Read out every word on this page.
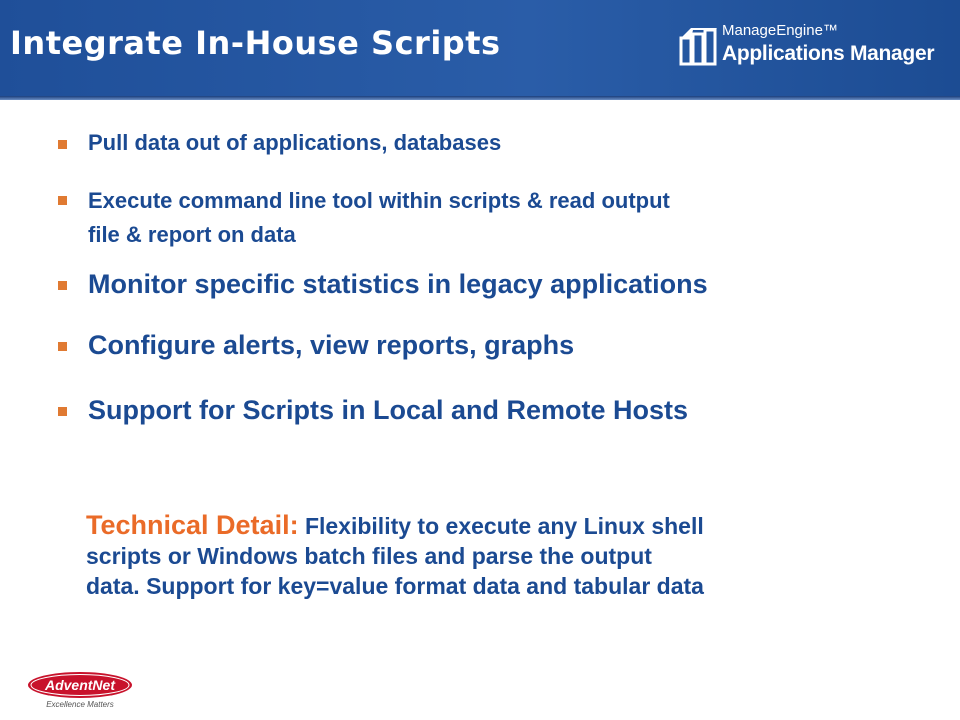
Integrate In-House Scripts	ManageEngine™
Applications Manager
Pull data out of applications, databases
Execute command line tool within scripts & read output
file & report on data
Monitor specific statistics in legacy applications
Configure alerts, view reports, graphs
Support for Scripts in Local and Remote Hosts
Technical Detail: Flexibility to execute any Linux shell
scripts or Windows batch files and parse the output
data. Support for key=value format data and tabular data
AdventNet
Excellence Matters
